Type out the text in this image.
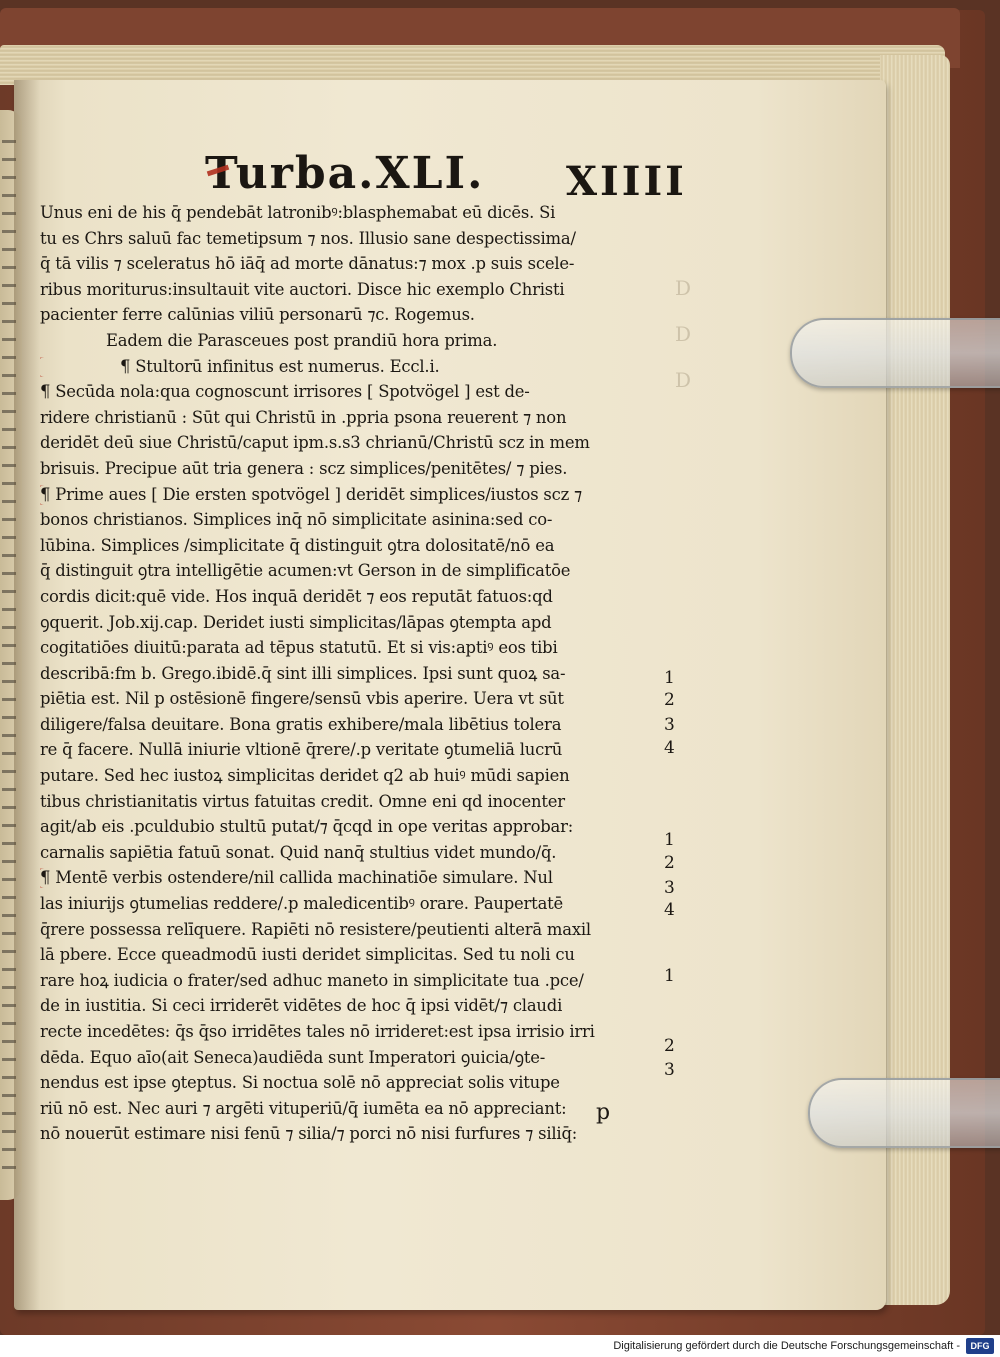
D
D
D
Turba.XLI. XIIII
Unus eni de his q̄ pendebāt latronibꝰ:blasphemabat eū dicēs. Si
tu es Chrs saluū fac temetipsum ⁊ nos. Illusio sane despectissima/
q̄ tā vilis ⁊ sceleratus hō iāq̄ ad morte dānatus:⁊ mox .p suis scele-
ribus moriturus:insultauit vite auctori. Disce hic exemplo Christi
pacienter ferre calūnias viliū personarū ⁊c. Rogemus.
Eadem die Parasceues post prandiū hora prima.
¶ Stultorū infinitus est numerus. Eccl.i.
¶ Secūda nola:qua cognoscunt irrisores [ Spotvögel ] est de-
ridere christianū : Sūt qui Christū in .ppria psona reuerent ⁊ non
deridēt deū siue Christū/caput ipm.s.s3 chrianū/Christū scz in mem
brisuis. Precipue aūt tria genera : scz simplices/penitētes/ ⁊ pies.
¶ Prime aues [ Die ersten spotvögel ] deridēt simplices/iustos scz ⁊
bonos christianos. Simplices inq̄ nō simplicitate asinina:sed co-
lūbina. Simplices /simplicitate q̄ distinguit ꝯtra dolositatē/nō ea
q̄ distinguit ꝯtra intelligētie acumen:vt Gerson in de simplificatōe
cordis dicit:quē vide. Hos inquā deridēt ⁊ eos reputāt fatuos:qd
ꝯquerit. Job.xij.cap. Deridet iusti simplicitas/lāpas ꝯtempta apd
cogitatiōes diuitū:parata ad tēpus statutū. Et si vis:aptiꝰ eos tibi
describā:fm b. Grego.ibidē.q̄ sint illi simplices. Ipsi sunt quoꝝ sa-
piētia est. Nil p ostēsionē fingere/sensū vbis aperire. Uera vt sūt
diligere/falsa deuitare. Bona gratis exhibere/mala libētius tolera
re q̄ facere. Nullā iniurie vltionē q̄rere/.p veritate ꝯtumeliā lucrū
putare. Sed hec iustoꝝ simplicitas deridet q2 ab huiꝰ mūdi sapien
tibus christianitatis virtus fatuitas credit. Omne eni qd inocenter
agit/ab eis .pculdubio stultū putat/⁊ q̄cqd in ope veritas approbar:
carnalis sapiētia fatuū sonat. Quid nanq̄ stultius videt mundo/q̄.
¶ Mentē verbis ostendere/nil callida machinatiōe simulare. Nul
las iniurijs ꝯtumelias reddere/.p maledicentibꝰ orare. Paupertatē
q̄rere possessa relīquere. Rapiēti nō resistere/peutienti alterā maxil
lā pbere. Ecce queadmodū iusti deridet simplicitas. Sed tu noli cu
rare hoꝝ iudicia o frater/sed adhuc maneto in simplicitate tua .pce/
de in iustitia. Si ceci irriderēt vidētes de hoc q̄ ipsi vidēt/⁊ claudi
recte incedētes: q̄s q̄so irridētes tales nō irrideret:est ipsa irrisio irri
dēda. Equo aīo(ait Seneca)audiēda sunt Imperatori ꝯuicia/ꝯte-
nendus est ipse ꝯteptus. Si noctua solē nō appreciat solis vitupe
riū nō est. Nec auri ⁊ argēti vituperiū/q̄ iumēta ea nō appreciant:
nō nouerūt estimare nisi fenū ⁊ silia/⁊ porci nō nisi furfures ⁊ siliq̄:
1
2
3
4
1
2
3
4
1
2
3
p
Digitalisierung gefördert durch die Deutsche Forschungsgemeinschaft -	DFG
